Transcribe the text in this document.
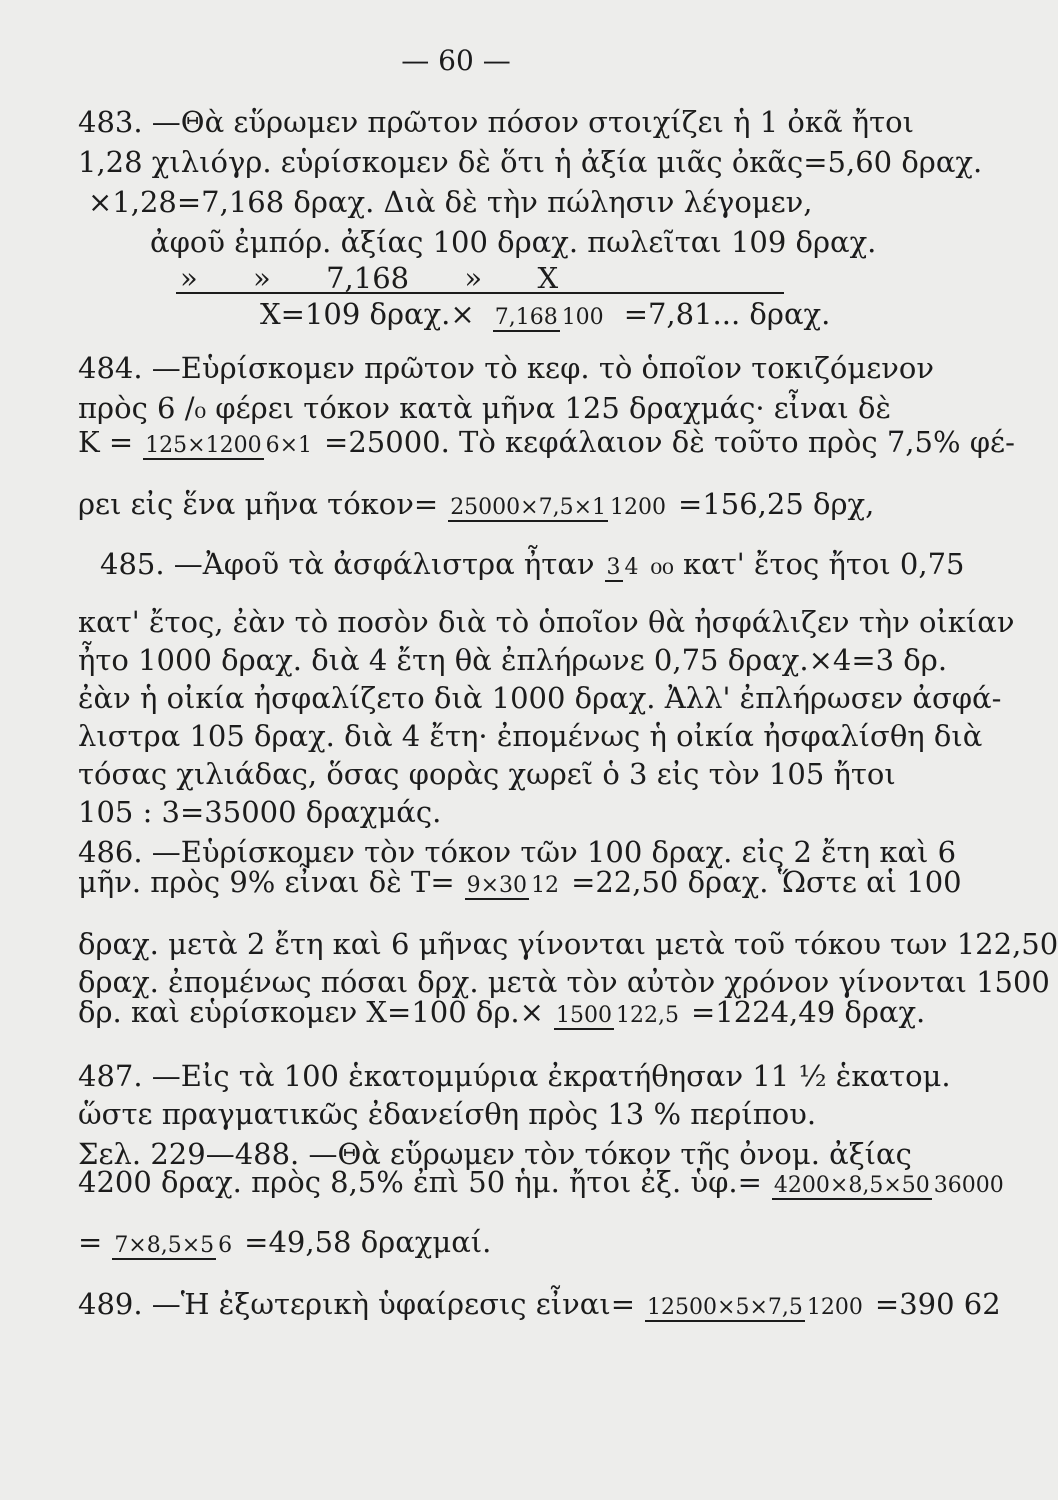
— 60 —
483. —Θὰ εὕρωμεν πρῶτον πόσον στοιχίζει ἡ 1 ὀκᾶ ἤτοι
1,28 χιλιόγρ. εὑρίσκομεν δὲ ὅτι ἡ ἀξία μιᾶς ὀκᾶς=5,60 δραχ.
×1,28=7,168 δραχ. Διὰ δὲ τὴν πώλησιν λέγομεν,
ἀφοῦ ἐμπόρ. ἀξίας 100 δραχ. πωλεῖται 109 δραχ.
»      »      7,168      »      Χ
Χ=109 δραχ.× 7,168 100 =7,81... δραχ.
484. —Εὑρίσκομεν πρῶτον τὸ κεφ. τὸ ὁποῖον τοκιζόμενον
πρὸς 6 /₀ φέρει τόκον κατὰ μῆνα 125 δραχμάς· εἶναι δὲ
Κ = 125×1200 6×1 =25000. Τὸ κεφάλαιον δὲ τοῦτο πρὸς 7,5% φέ-
ρει εἰς ἕνα μῆνα τόκον= 25000×7,5×1 1200 =156,25 δρχ,
485. —Ἀφοῦ τὰ ἀσφάλιστρα ἦταν 3 4 ₀₀ κατ' ἔτος ἤτοι 0,75
κατ' ἔτος, ἐὰν τὸ ποσὸν διὰ τὸ ὁποῖον θὰ ἠσφάλιζεν τὴν οἰκίαν
ἦτο 1000 δραχ. διὰ 4 ἔτη θὰ ἐπλήρωνε 0,75 δραχ.×4=3 δρ.
ἐὰν ἡ οἰκία ἠσφαλίζετο διὰ 1000 δραχ. Ἀλλ' ἐπλήρωσεν ἀσφά-
λιστρα 105 δραχ. διὰ 4 ἔτη· ἐπομένως ἡ οἰκία ἠσφαλίσθη διὰ
τόσας χιλιάδας, ὅσας φορὰς χωρεῖ ὁ 3 εἰς τὸν 105 ἤτοι
105 : 3=35000 δραχμάς.
486. —Εὑρίσκομεν τὸν τόκον τῶν 100 δραχ. εἰς 2 ἔτη καὶ 6
μῆν. πρὸς 9% εἶναι δὲ Τ= 9×30 12 =22,50 δραχ. Ὥστε αἱ 100
δραχ. μετὰ 2 ἔτη καὶ 6 μῆνας γίνονται μετὰ τοῦ τόκου των 122,50
δραχ. ἐπομένως πόσαι δρχ. μετὰ τὸν αὐτὸν χρόνον γίνονται 1500
δρ. καὶ εὑρίσκομεν Χ=100 δρ.× 1500 122,5 =1224,49 δραχ.
487. —Εἰς τὰ 100 ἑκατομμύρια ἐκρατήθησαν 11 ½ ἑκατομ.
ὥστε πραγματικῶς ἐδανείσθη πρὸς 13 % περίπου.
Σελ. 229—488. —Θὰ εὕρωμεν τὸν τόκον τῆς ὀνομ. ἀξίας
4200 δραχ. πρὸς 8,5% ἐπὶ 50 ἡμ. ἤτοι ἐξ. ὑφ.= 4200×8,5×50 36000
= 7×8,5×5 6 =49,58 δραχμαί.
489. —Ἡ ἐξωτερικὴ ὑφαίρεσις εἶναι= 12500×5×7,5 1200 =390 62
